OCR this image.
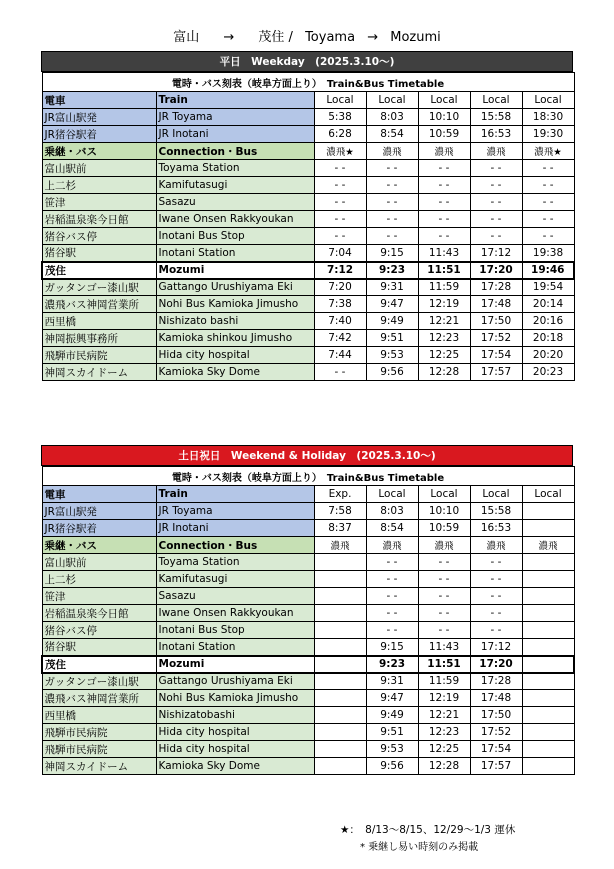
富山 → 茂住 / Toyama → Mozumi
平日　Weekday　(2025.3.10〜)
電時・バス刻表（岐阜方面上り）　Train&Bus Timetable						
電車	Train	Local	Local	Local	Local	Local
JR富山駅発	JR Toyama	5:38	8:03	10:10	15:58	18:30
JR猪谷駅着	JR Inotani	6:28	8:54	10:59	16:53	19:30
乗継・バス	Connection・Bus	濃飛★	濃飛	濃飛	濃飛	濃飛★
富山駅前	Toyama Station	- -	- -	- -	- -	- -
上二杉	Kamifutasugi	- -	- -	- -	- -	- -
笹津	Sasazu	- -	- -	- -	- -	- -
岩稲温泉楽今日館	Iwane Onsen Rakkyoukan	- -	- -	- -	- -	- -
猪谷バス停	Inotani Bus Stop	- -	- -	- -	- -	- -
猪谷駅	Inotani Station	7:04	9:15	11:43	17:12	19:38
茂住	Mozumi	7:12	9:23	11:51	17:20	19:46
ガッタンゴー漆山駅	Gattango Urushiyama Eki	7:20	9:31	11:59	17:28	19:54
濃飛バス神岡営業所	Nohi Bus Kamioka Jimusho	7:38	9:47	12:19	17:48	20:14
西里橋	Nishizato bashi	7:40	9:49	12:21	17:50	20:16
神岡振興事務所	Kamioka shinkou Jimusho	7:42	9:51	12:23	17:52	20:18
飛騨市民病院	Hida city hospital	7:44	9:53	12:25	17:54	20:20
神岡スカイドーム	Kamioka Sky Dome	- -	9:56	12:28	17:57	20:23
土日祝日　Weekend & Holiday　(2025.3.10〜)
電時・バス刻表（岐阜方面上り）　Train&Bus Timetable						
電車	Train	Exp.	Local	Local	Local	Local
JR富山駅発	JR Toyama	7:58	8:03	10:10	15:58	
JR猪谷駅着	JR Inotani	8:37	8:54	10:59	16:53	
乗継・バス	Connection・Bus	濃飛	濃飛	濃飛	濃飛	濃飛
富山駅前	Toyama Station		- -	- -	- -	
上二杉	Kamifutasugi		- -	- -	- -	
笹津	Sasazu		- -	- -	- -	
岩稲温泉楽今日館	Iwane Onsen Rakkyoukan		- -	- -	- -	
猪谷バス停	Inotani Bus Stop		- -	- -	- -	
猪谷駅	Inotani Station		9:15	11:43	17:12	
茂住	Mozumi		9:23	11:51	17:20	
ガッタンゴー漆山駅	Gattango Urushiyama Eki		9:31	11:59	17:28	
濃飛バス神岡営業所	Nohi Bus Kamioka Jimusho		9:47	12:19	17:48	
西里橋	Nishizatobashi		9:49	12:21	17:50	
飛騨市民病院	Hida city hospital		9:51	12:23	17:52	
飛騨市民病院	Hida city hospital		9:53	12:25	17:54	
神岡スカイドーム	Kamioka Sky Dome		9:56	12:28	17:57	
★：　8/13〜8/15、12/29〜1/3 運休
* 乗継し易い時刻のみ掲載
